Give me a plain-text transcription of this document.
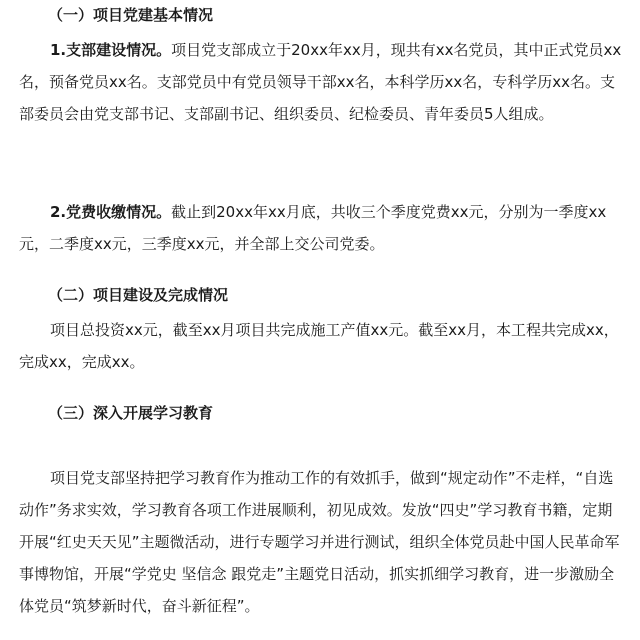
（一）项目党建基本情况

1.支部建设情况。项目党支部成立于20xx年xx月，现共有xx名党员，其中正式党员xx名，预备党员xx名。支部党员中有党员领导干部xx名，本科学历xx名，专科学历xx名。支部委员会由党支部书记、支部副书记、组织委员、纪检委员、青年委员5人组成。

2.党费收缴情况。截止到20xx年xx月底，共收三个季度党费xx元，分别为一季度xx元，二季度xx元，三季度xx元，并全部上交公司党委。

（二）项目建设及完成情况

项目总投资xx元，截至xx月项目共完成施工产值xx元。截至xx月，本工程共完成xx，完成xx，完成xx。

（三）深入开展学习教育

项目党支部坚持把学习教育作为推动工作的有效抓手，做到“规定动作”不走样，“自选动作”务求实效，学习教育各项工作进展顺利，初见成效。发放“四史”学习教育书籍，定期开展“红史天天见”主题微活动，进行专题学习并进行测试，组织全体党员赴中国人民革命军事博物馆，开展“学党史 坚信念 跟党走”主题党日活动，抓实抓细学习教育，进一步激励全体党员“筑梦新时代，奋斗新征程”。
